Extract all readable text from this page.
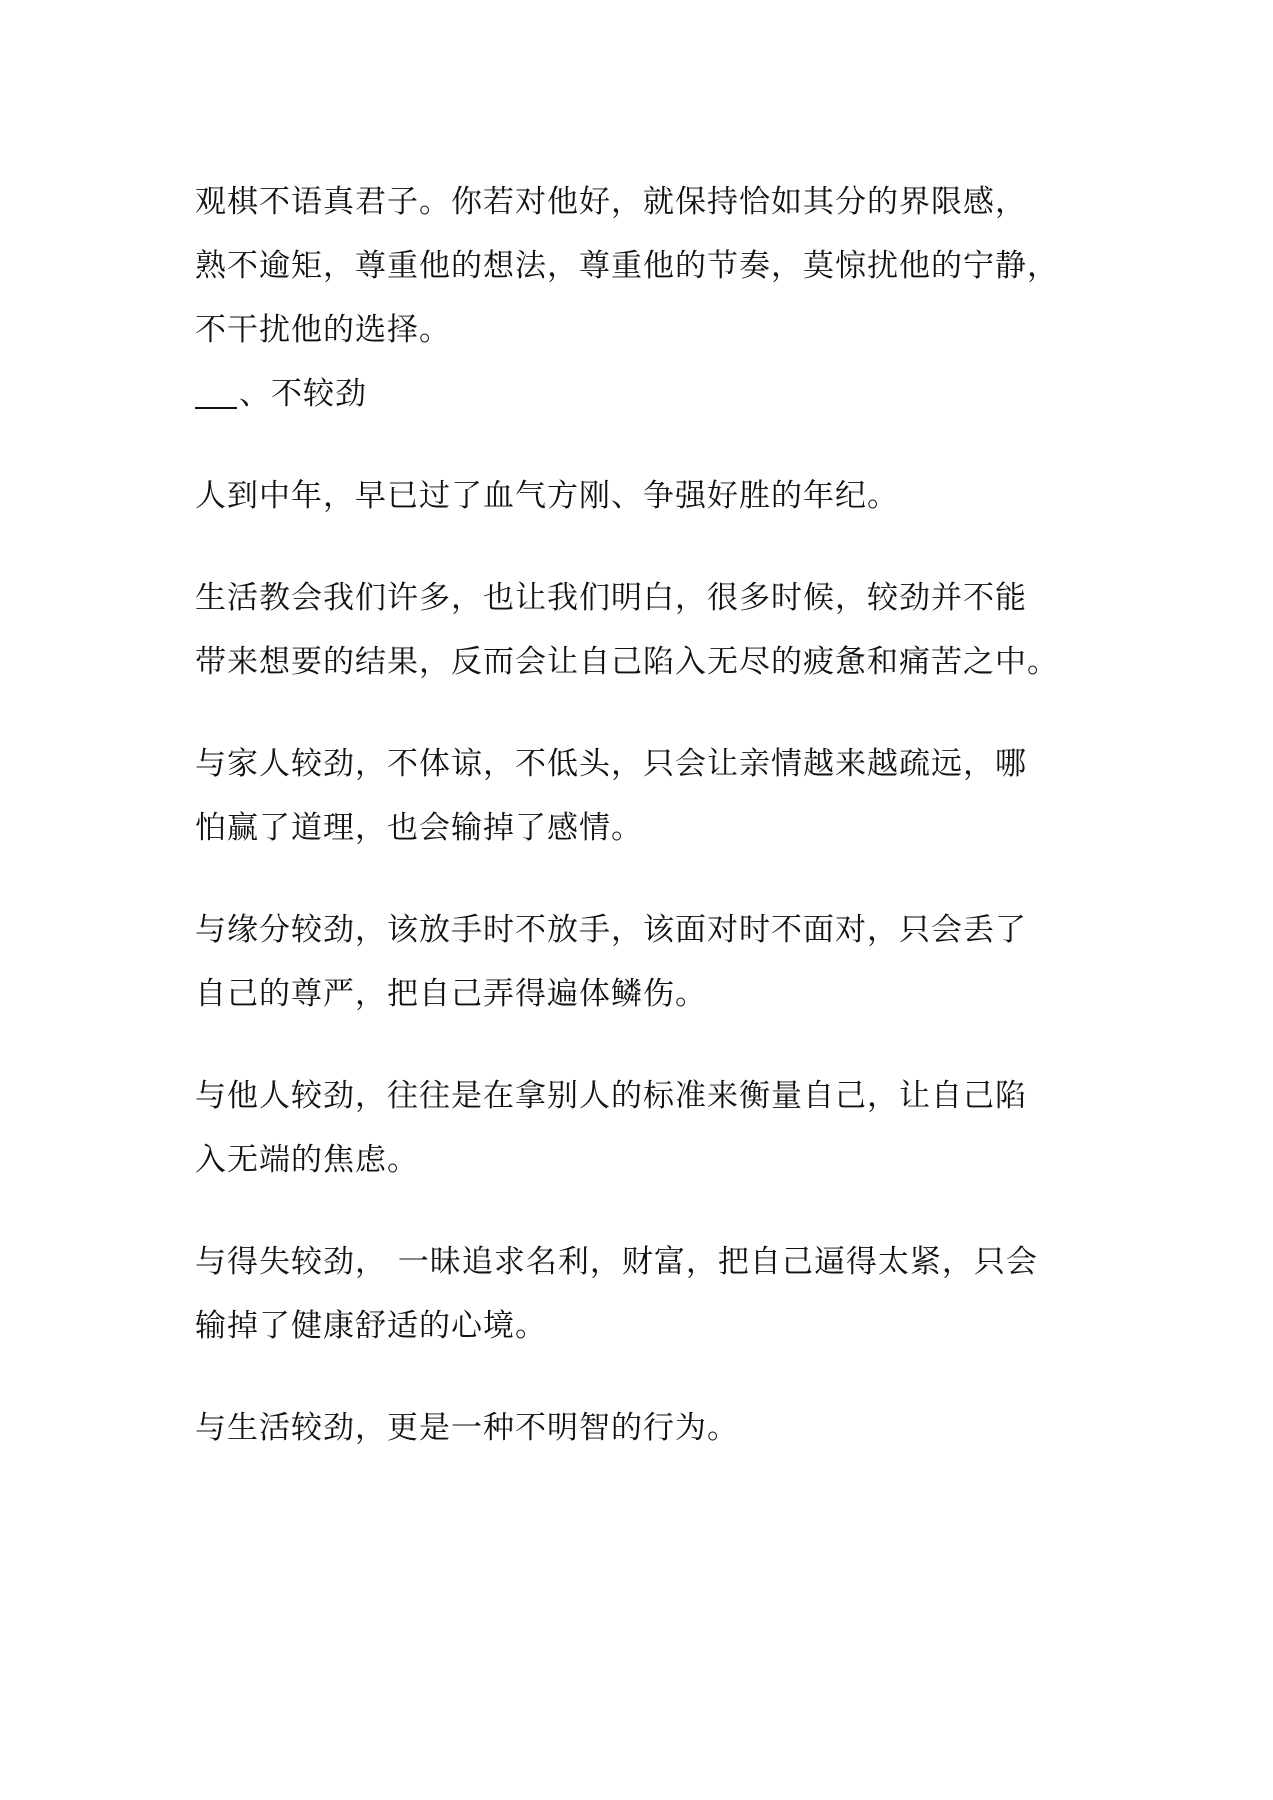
观棋不语真君子。你若对他好，就保持恰如其分的界限感，
熟不逾矩，尊重他的想法，尊重他的节奏，莫惊扰他的宁静，
不干扰他的选择。

、不较劲

人到中年，早已过了血气方刚、争强好胜的年纪。

生活教会我们许多，也让我们明白，很多时候，较劲并不能
带来想要的结果，反而会让自己陷入无尽的疲惫和痛苦之中。

与家人较劲，不体谅，不低头，只会让亲情越来越疏远，哪
怕赢了道理，也会输掉了感情。

与缘分较劲，该放手时不放手，该面对时不面对，只会丢了
自己的尊严，把自己弄得遍体鳞伤。

与他人较劲，往往是在拿别人的标准来衡量自己，让自己陷
入无端的焦虑。

与得失较劲， 一昧追求名利，财富，把自己逼得太紧，只会
输掉了健康舒适的心境。

与生活较劲，更是一种不明智的行为。
